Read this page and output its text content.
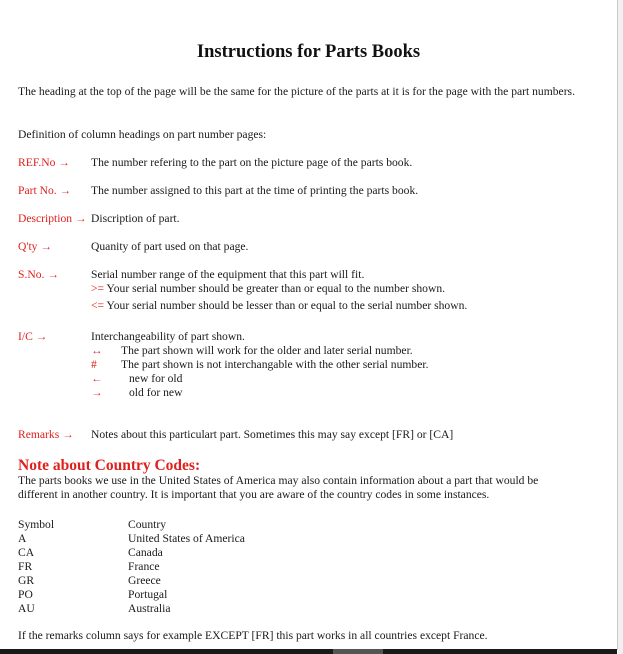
Instructions for Parts Books

The heading at the top of the page will be the same for the picture of the parts at it is for the page with the part numbers.

Definition of column headings on part number pages:

REF.No → The number refering to the part on the picture page of the parts book.
Part No. → The number assigned to this part at the time of printing the parts book.
Description → Discription of part.
Q'ty →	Quanity of part used on that page.
S.No. →	Serial number range of the equipment that this part will fit.
>= Your serial number should be greater than or equal to the number shown.
<= Your serial number should be lesser than or equal to the serial number shown.
I/C →	Interchangeability of part shown.
↔ The part shown will work for the older and later serial number.
# The part shown is not interchangable with the other serial number.
← new for old
→ old for new
Remarks → Notes about this particulart part. Sometimes this may say except [FR] or [CA]
Note about Country Codes:

The parts books we use in the United States of America may also contain information about a part that would be different in another country. It is important that you are aware of the country codes in some instances.

Symbol	Country
A	United States of America
CA	Canada
FR	France
GR	Greece
PO	Portugal
AU	Australia

If the remarks column says for example EXCEPT [FR] this part works in all countries except France.
